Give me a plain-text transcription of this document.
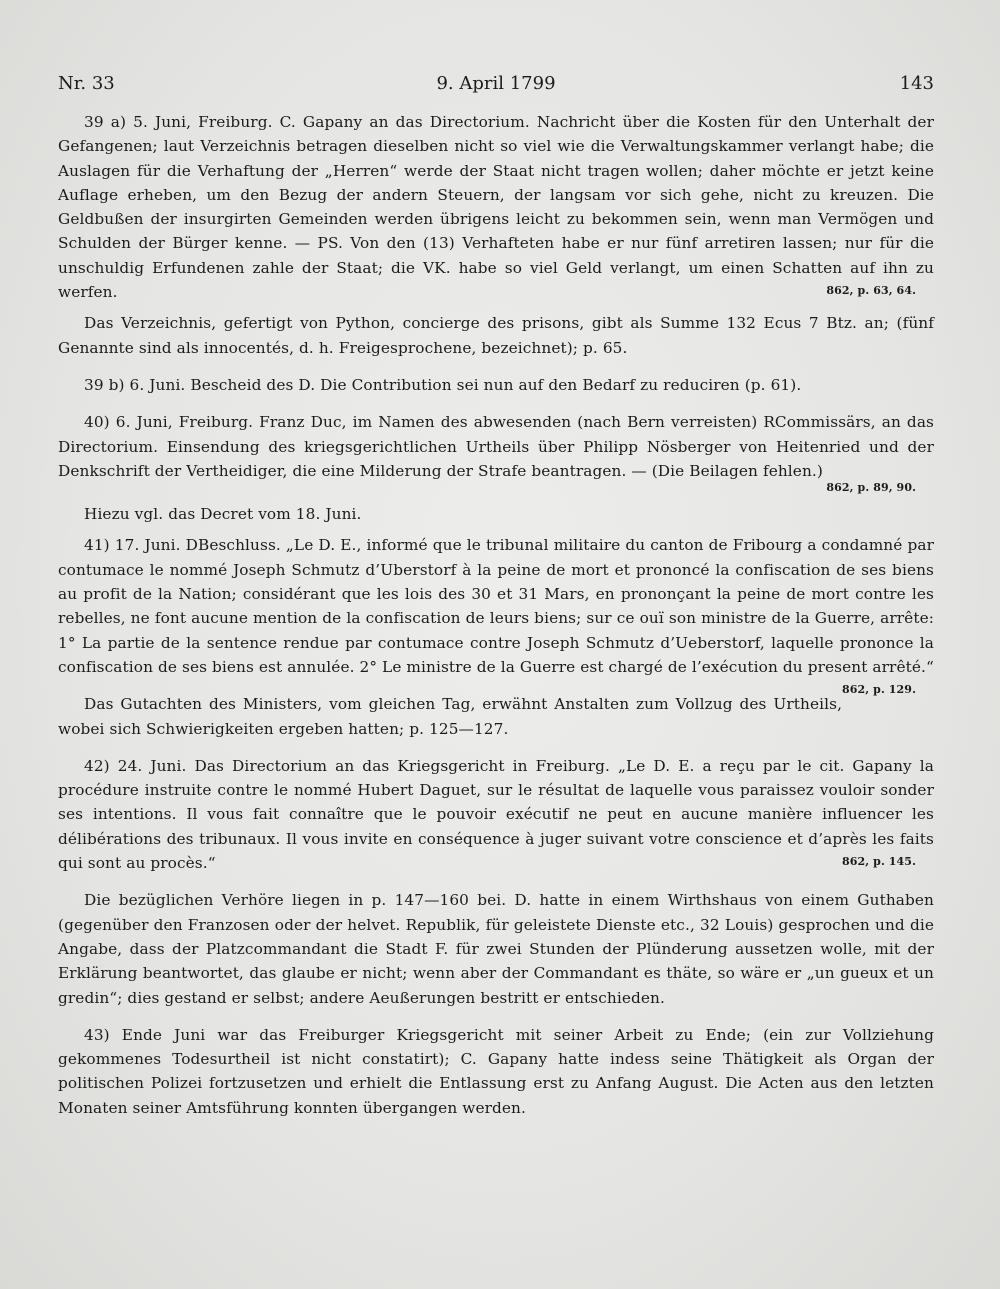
9. April 1799
Nr. 33	143

39 a) 5. Juni, Freiburg. C. Gapany an das Directorium. Nachricht über die Kosten für den Unterhalt der Gefangenen; laut Verzeichnis betragen dieselben nicht so viel wie die Verwaltungskammer verlangt habe; die Auslagen für die Verhaftung der „Herren“ werde der Staat nicht tragen wollen; daher möchte er jetzt keine Auflage erheben, um den Bezug der andern Steuern, der langsam vor sich gehe, nicht zu kreuzen. Die Geldbußen der insurgirten Gemeinden werden übrigens leicht zu bekommen sein, wenn man Vermögen und Schulden der Bürger kenne. — PS. Von den (13) Verhafteten habe er nur fünf arretiren lassen; nur für die unschuldig Erfundenen zahle der Staat; die VK. habe so viel Geld verlangt, um einen Schatten auf ihn zu werfen.	862, p. 63, 64.

Das Verzeichnis, gefertigt von Python, concierge des prisons, gibt als Summe 132 Ecus 7 Btz. an; (fünf Genannte sind als innocentés, d. h. Freigesprochene, bezeichnet); p. 65.

39 b) 6. Juni. Bescheid des D. Die Contribution sei nun auf den Bedarf zu reduciren (p. 61).

40) 6. Juni, Freiburg. Franz Duc, im Namen des abwesenden (nach Bern verreisten) RCommissärs, an das Directorium. Einsendung des kriegsgerichtlichen Urtheils über Philipp Nösberger von Heitenried und der Denkschrift der Vertheidiger, die eine Milderung der Strafe beantragen. — (Die Beilagen fehlen.)
862, p. 89, 90.

Hiezu vgl. das Decret vom 18. Juni.

41) 17. Juni. DBeschluss. „Le D. E., informé que le tribunal militaire du canton de Fribourg a condamné par contumace le nommé Joseph Schmutz d’Uberstorf à la peine de mort et prononcé la confiscation de ses biens au profit de la Nation; considérant que les lois des 30 et 31 Mars, en prononçant la peine de mort contre les rebelles, ne font aucune mention de la confiscation de leurs biens; sur ce ouï son ministre de la Guerre, arrête: 1° La partie de la sentence rendue par contumace contre Joseph Schmutz d’Ueberstorf, laquelle prononce la confiscation de ses biens est annulée. 2° Le ministre de la Guerre est chargé de l’exécution du present arrêté.“
862, p. 129.

Das Gutachten des Ministers, vom gleichen Tag, erwähnt Anstalten zum Vollzug des Urtheils, wobei sich Schwierigkeiten ergeben hatten; p. 125—127.

42) 24. Juni. Das Directorium an das Kriegsgericht in Freiburg. „Le D. E. a reçu par le cit. Gapany la procédure instruite contre le nommé Hubert Daguet, sur le résultat de laquelle vous paraissez vouloir sonder ses intentions. Il vous fait connaître que le pouvoir exécutif ne peut en aucune manière influencer les délibérations des tribunaux. Il vous invite en conséquence à juger suivant votre conscience et d’après les faits qui sont au procès.“	862, p. 145.

Die bezüglichen Verhöre liegen in p. 147—160 bei. D. hatte in einem Wirthshaus von einem Guthaben (gegenüber den Franzosen oder der helvet. Republik, für geleistete Dienste etc., 32 Louis) gesprochen und die Angabe, dass der Platzcommandant die Stadt F. für zwei Stunden der Plünderung aussetzen wolle, mit der Erklärung beantwortet, das glaube er nicht; wenn aber der Commandant es thäte, so wäre er „un gueux et un gredin“; dies gestand er selbst; andere Aeußerungen bestritt er entschieden.

43) Ende Juni war das Freiburger Kriegsgericht mit seiner Arbeit zu Ende; (ein zur Vollziehung gekommenes Todesurtheil ist nicht constatirt); C. Gapany hatte indess seine Thätigkeit als Organ der politischen Polizei fortzusetzen und erhielt die Entlassung erst zu Anfang August. Die Acten aus den letzten Monaten seiner Amtsführung konnten übergangen werden.
